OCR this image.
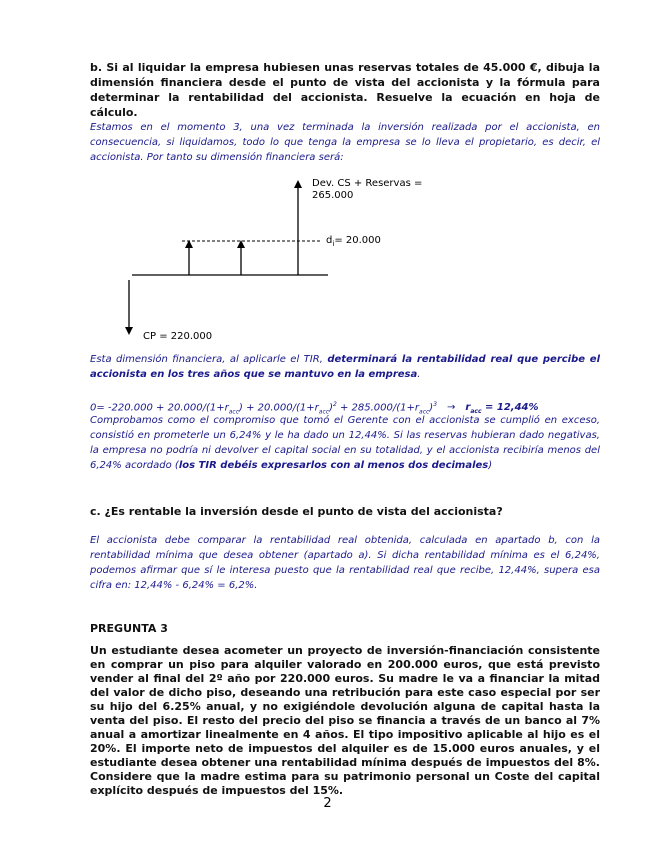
b. Si al liquidar la empresa hubiesen unas reservas totales de 45.000 €, dibuja la dimensión financiera desde el punto de vista del accionista y la fórmula para determinar la rentabilidad del accionista. Resuelve la ecuación en hoja de cálculo.

Estamos en el momento 3, una vez terminada la inversión realizada por el accionista, en consecuencia, si liquidamos, todo lo que tenga la empresa se lo lleva el propietario, es decir, el accionista. Por tanto su dimensión financiera será:

Dev. CS + Reservas =
265.000
$d_i= 20.000$
CP = 220.000

Esta dimensión financiera, al aplicarle el TIR, determinará la rentabilidad real que percibe el accionista en los tres años que se mantuvo en la empresa.

$0= -220.000 + 20.000/(1+r_{acc}) + 20.000/(1+r_{acc})^2 + 285.000/(1+r_{acc})^3 \to r_{acc} = 12,44\%$

Comprobamos como el compromiso que tomó el Gerente con el accionista se cumplió en exceso, consistió en prometerle un 6,24% y le ha dado un 12,44%. Si las reservas hubieran dado negativas, la empresa no podría ni devolver el capital social en su totalidad, y el accionista recibiría menos del 6,24% acordado (los TIR debéis expresarlos con al menos dos decimales)

c. ¿Es rentable la inversión desde el punto de vista del accionista?

El accionista debe comparar la rentabilidad real obtenida, calculada en apartado b, con la rentabilidad mínima que desea obtener (apartado a). Si dicha rentabilidad mínima es el 6,24%, podemos afirmar que sí le interesa puesto que la rentabilidad real que recibe, 12,44%, supera esa cifra en: 12,44% - 6,24% = 6,2%.

PREGUNTA 3

Un estudiante desea acometer un proyecto de inversión-financiación consistente en comprar un piso para alquiler valorado en 200.000 euros, que está previsto vender al final del 2º año por 220.000 euros. Su madre le va a financiar la mitad del valor de dicho piso, deseando una retribución para este caso especial por ser su hijo del 6.25% anual, y no exigiéndole devolución alguna de capital hasta la venta del piso. El resto del precio del piso se financia a través de un banco al 7% anual a amortizar linealmente en 4 años. El tipo impositivo aplicable al hijo es el 20%. El importe neto de impuestos del alquiler es de 15.000 euros anuales, y el estudiante desea obtener una rentabilidad mínima después de impuestos del 8%. Considere que la madre estima para su patrimonio personal un Coste del capital explícito después de impuestos del 15%.

2
